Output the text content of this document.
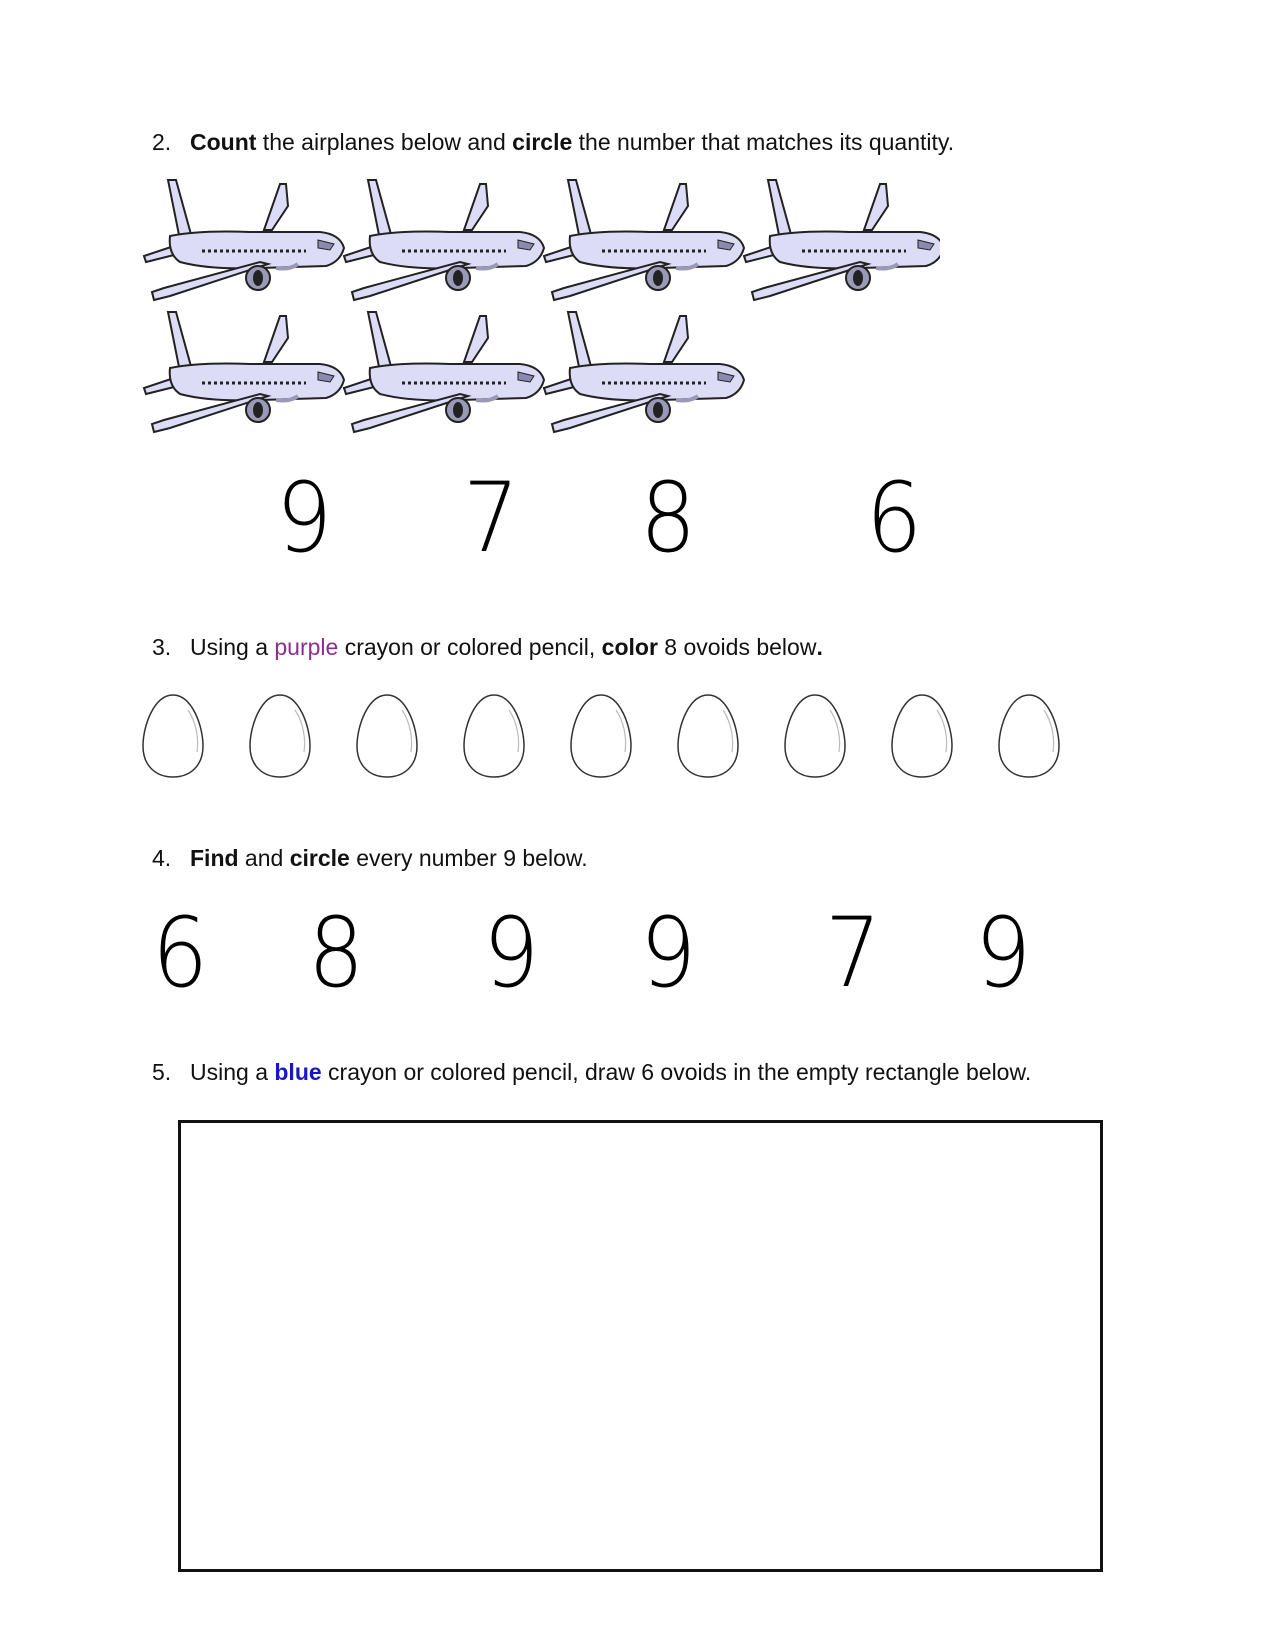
2. Count the airplanes below and circle the number that matches its quantity.
9 7 8 6
3. Using a purple crayon or colored pencil, color 8 ovoids below.
4. Find and circle every number 9 below.
6 8 9 9 7 9
5. Using a blue crayon or colored pencil, draw 6 ovoids in the empty rectangle below.
